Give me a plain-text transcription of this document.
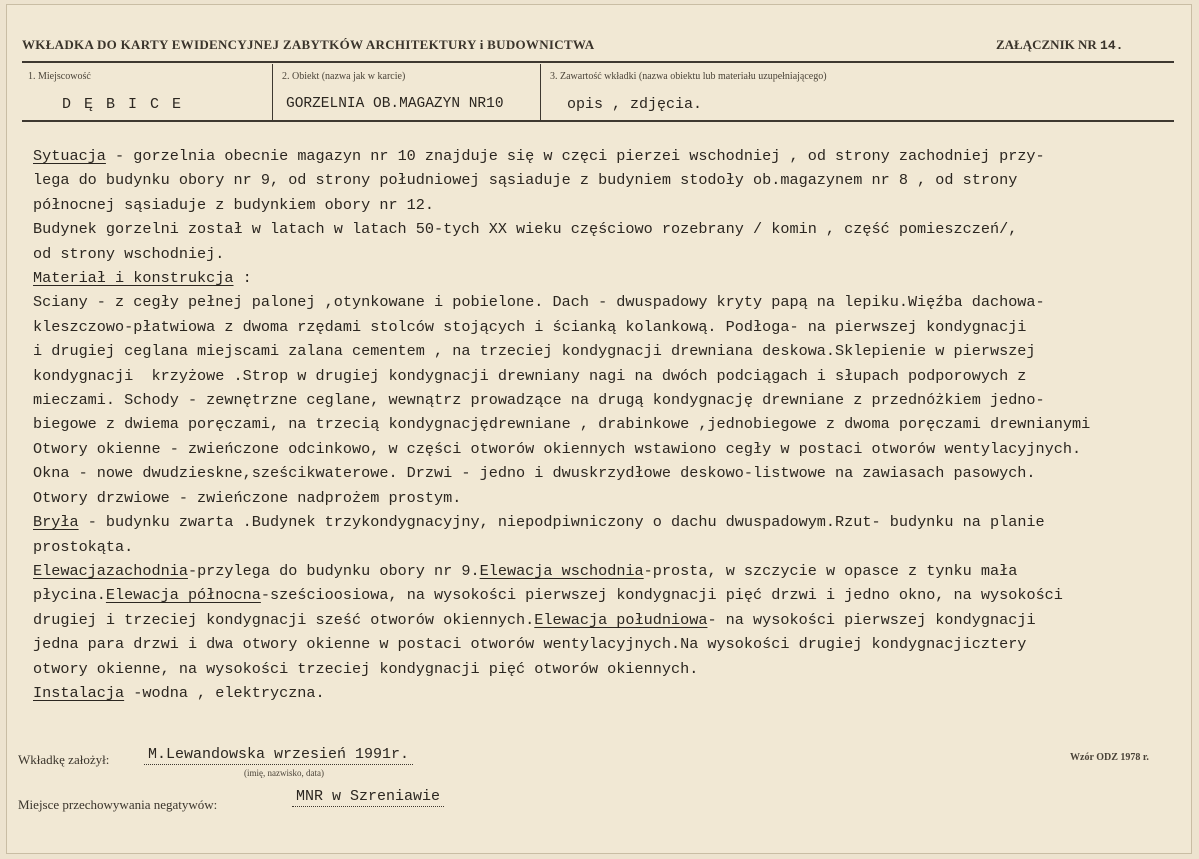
WKŁADKA DO KARTY EWIDENCYJNEJ ZABYTKÓW ARCHITEKTURY i BUDOWNICTWA	ZAŁĄCZNIK NR 14.
1. Miejscowość
D Ę B I C E
2. Obiekt (nazwa jak w karcie)
GORZELNIA OB.MAGAZYN NR10
3. Zawartość wkładki (nazwa obiektu lub materiału uzupełniającego)
opis , zdjęcia.
Sytuacja - gorzelnia obecnie magazyn nr 10 znajduje się w częci pierzei wschodniej , od strony zachodniej przy-
lega do budynku obory nr 9, od strony południowej sąsiaduje z budyniem stodoły ob.magazynem nr 8 , od strony
północnej sąsiaduje z budynkiem obory nr 12.
Budynek gorzelni został w latach w latach 50-tych XX wieku częściowo rozebrany / komin , część pomieszczeń/,
od strony wschodniej.
Materiał i konstrukcja :
Sciany - z cegły pełnej palonej ,otynkowane i pobielone. Dach - dwuspadowy kryty papą na lepiku.Więźba dachowa-
kleszczowo-płatwiowa z dwoma rzędami stolców stojących i ścianką kolankową. Podłoga- na pierwszej kondygnacji
i drugiej ceglana miejscami zalana cementem , na trzeciej kondygnacji drewniana deskowa.Sklepienie w pierwszej
kondygnacji  krzyżowe .Strop w drugiej kondygnacji drewniany nagi na dwóch podciągach i słupach podporowych z
mieczami. Schody - zewnętrzne ceglane, wewnątrz prowadzące na drugą kondygnację drewniane z przednóżkiem jedno-
biegowe z dwiema poręczami, na trzecią kondygnacjędrewniane , drabinkowe ,jednobiegowe z dwoma poręczami drewnianymi
Otwory okienne - zwieńczone odcinkowo, w części otworów okiennych wstawiono cegły w postaci otworów wentylacyjnych.
Okna - nowe dwudzieskne,sześcikwaterowe. Drzwi - jedno i dwuskrzydłowe deskowo-listwowe na zawiasach pasowych.
Otwory drzwiowe - zwieńczone nadprożem prostym.
Bryła - budynku zwarta .Budynek trzykondygnacyjny, niepodpiwniczony o dachu dwuspadowym.Rzut- budynku na planie
prostokąta.
Elewacjazachodnia-przylega do budynku obory nr 9.Elewacja wschodnia-prosta, w szczycie w opasce z tynku mała
płycina.Elewacja północna-sześcioosiowa, na wysokości pierwszej kondygnacji pięć drzwi i jedno okno, na wysokości
drugiej i trzeciej kondygnacji sześć otworów okiennych.Elewacja południowa- na wysokości pierwszej kondygnacji
jedna para drzwi i dwa otwory okienne w postaci otworów wentylacyjnych.Na wysokości drugiej kondygnacjicztery
otwory okienne, na wysokości trzeciej kondygnacji pięć otworów okiennych.
Instalacja -wodna , elektryczna.
Wkładkę założył:	M.Lewandowska wrzesień 1991r.
(imię, nazwisko, data)
Wzór ODZ 1978 r.
Miejsce przechowywania negatywów:	MNR w Szreniawie
